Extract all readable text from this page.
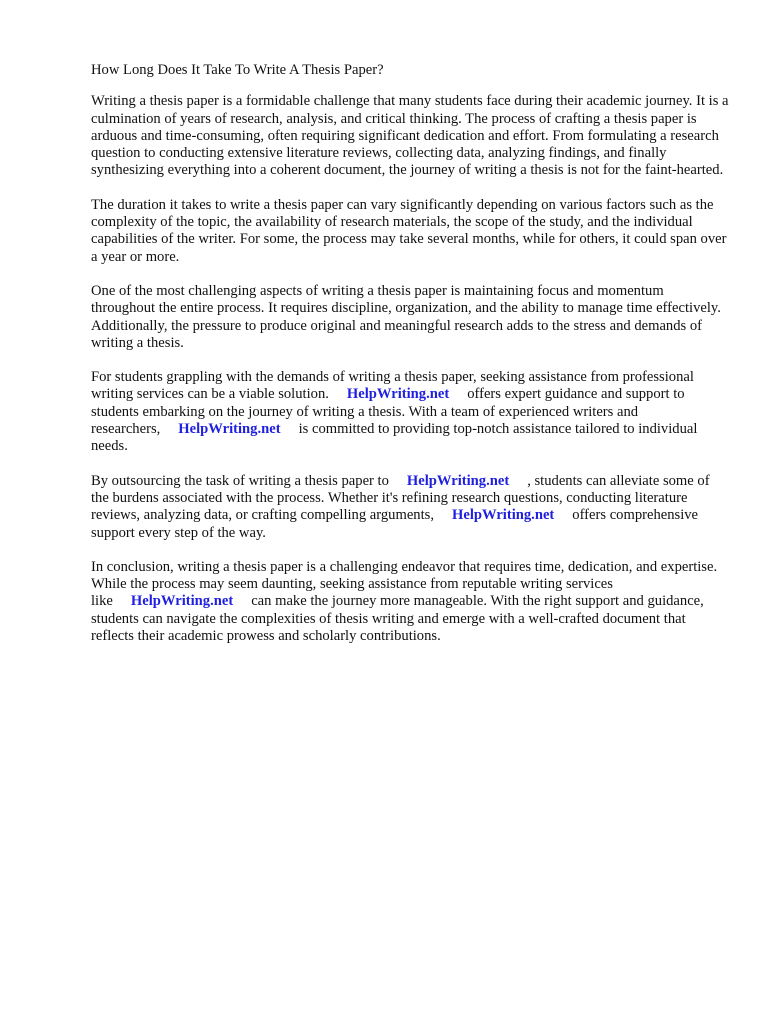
How Long Does It Take To Write A Thesis Paper?

Writing a thesis paper is a formidable challenge that many students face during their academic journey. It is a culmination of years of research, analysis, and critical thinking. The process of crafting a thesis paper is arduous and time-consuming, often requiring significant dedication and effort. From formulating a research question to conducting extensive literature reviews, collecting data, analyzing findings, and finally synthesizing everything into a coherent document, the journey of writing a thesis is not for the faint-hearted.

The duration it takes to write a thesis paper can vary significantly depending on various factors such as the complexity of the topic, the availability of research materials, the scope of the study, and the individual capabilities of the writer. For some, the process may take several months, while for others, it could span over a year or more.

One of the most challenging aspects of writing a thesis paper is maintaining focus and momentum throughout the entire process. It requires discipline, organization, and the ability to manage time effectively. Additionally, the pressure to produce original and meaningful research adds to the stress and demands of writing a thesis.

For students grappling with the demands of writing a thesis paper, seeking assistance from professional writing services can be a viable solution. HelpWriting.net offers expert guidance and support to students embarking on the journey of writing a thesis. With a team of experienced writers and researchers, HelpWriting.net is committed to providing top-notch assistance tailored to individual needs.

By outsourcing the task of writing a thesis paper to HelpWriting.net , students can alleviate some of the burdens associated with the process. Whether it's refining research questions, conducting literature reviews, analyzing data, or crafting compelling arguments, HelpWriting.net offers comprehensive support every step of the way.

In conclusion, writing a thesis paper is a challenging endeavor that requires time, dedication, and expertise. While the process may seem daunting, seeking assistance from reputable writing services like HelpWriting.net can make the journey more manageable. With the right support and guidance, students can navigate the complexities of thesis writing and emerge with a well-crafted document that reflects their academic prowess and scholarly contributions.
